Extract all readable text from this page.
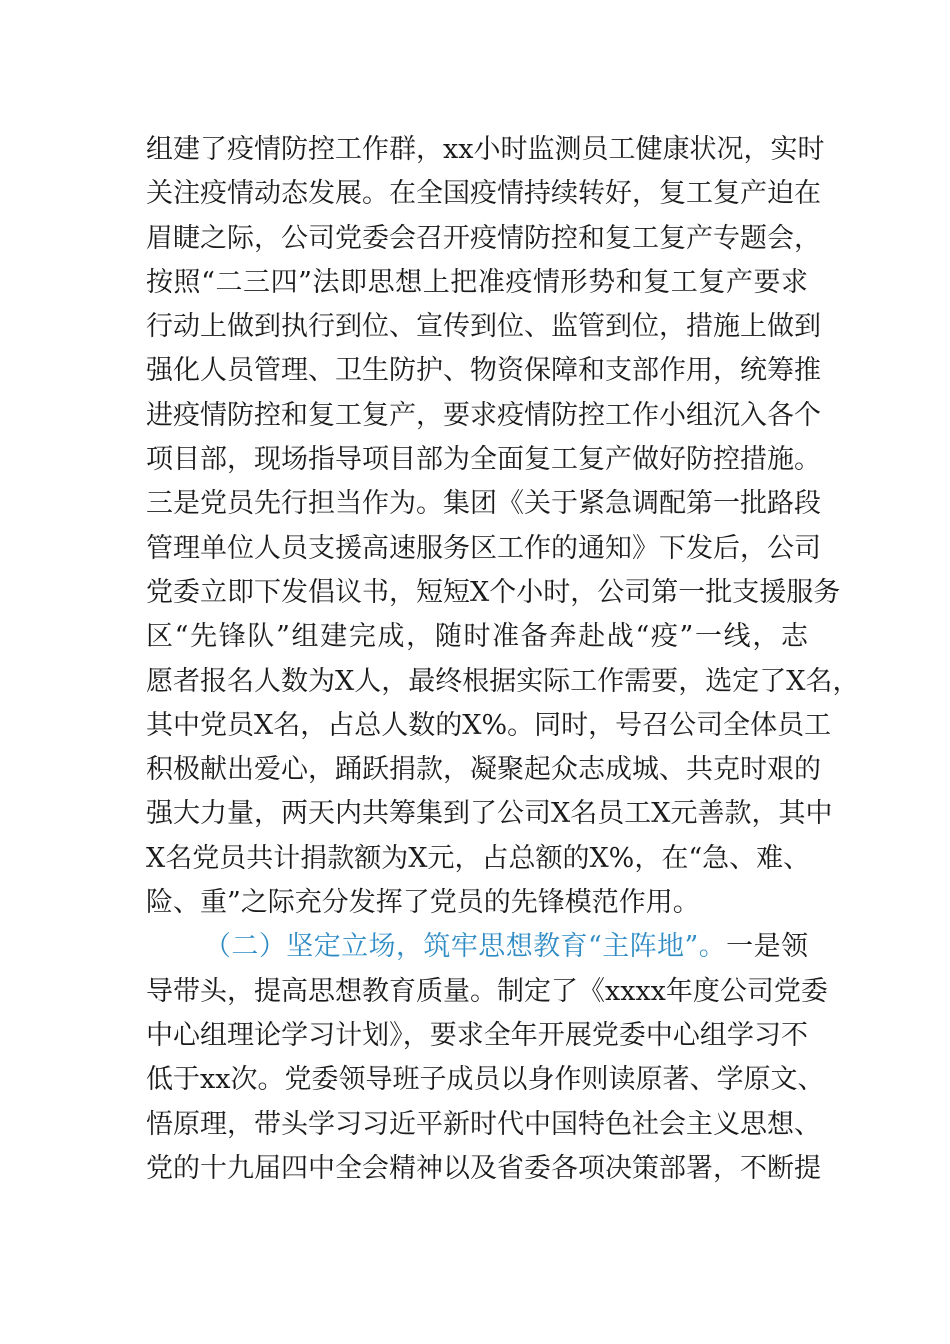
组建了疫情防控工作群，xx小时监测员工健康状况，实时
关注疫情动态发展。在全国疫情持续转好，复工复产迫在
眉睫之际，公司党委会召开疫情防控和复工复产专题会，
按照“二三四”法即思想上把准疫情形势和复工复产要求
行动上做到执行到位、宣传到位、监管到位，措施上做到
强化人员管理、卫生防护、物资保障和支部作用，统筹推
进疫情防控和复工复产，要求疫情防控工作小组沉入各个
项目部，现场指导项目部为全面复工复产做好防控措施。
三是党员先行担当作为。集团《关于紧急调配第一批路段
管理单位人员支援高速服务区工作的通知》下发后，公司
党委立即下发倡议书，短短X个小时，公司第一批支援服务
区“先锋队”组建完成，随时准备奔赴战“疫”一线，志
愿者报名人数为X人，最终根据实际工作需要，选定了X名，
其中党员X名，占总人数的X%。同时，号召公司全体员工
积极献出爱心，踊跃捐款，凝聚起众志成城、共克时艰的
强大力量，两天内共筹集到了公司X名员工X元善款，其中
X名党员共计捐款额为X元，占总额的X%，在“急、难、
险、重”之际充分发挥了党员的先锋模范作用。
（二）坚定立场，筑牢思想教育“主阵地”。一是领
导带头，提高思想教育质量。制定了《xxxx年度公司党委
中心组理论学习计划》，要求全年开展党委中心组学习不
低于xx次。党委领导班子成员以身作则读原著、学原文、
悟原理，带头学习习近平新时代中国特色社会主义思想、
党的十九届四中全会精神以及省委各项决策部署，不断提
